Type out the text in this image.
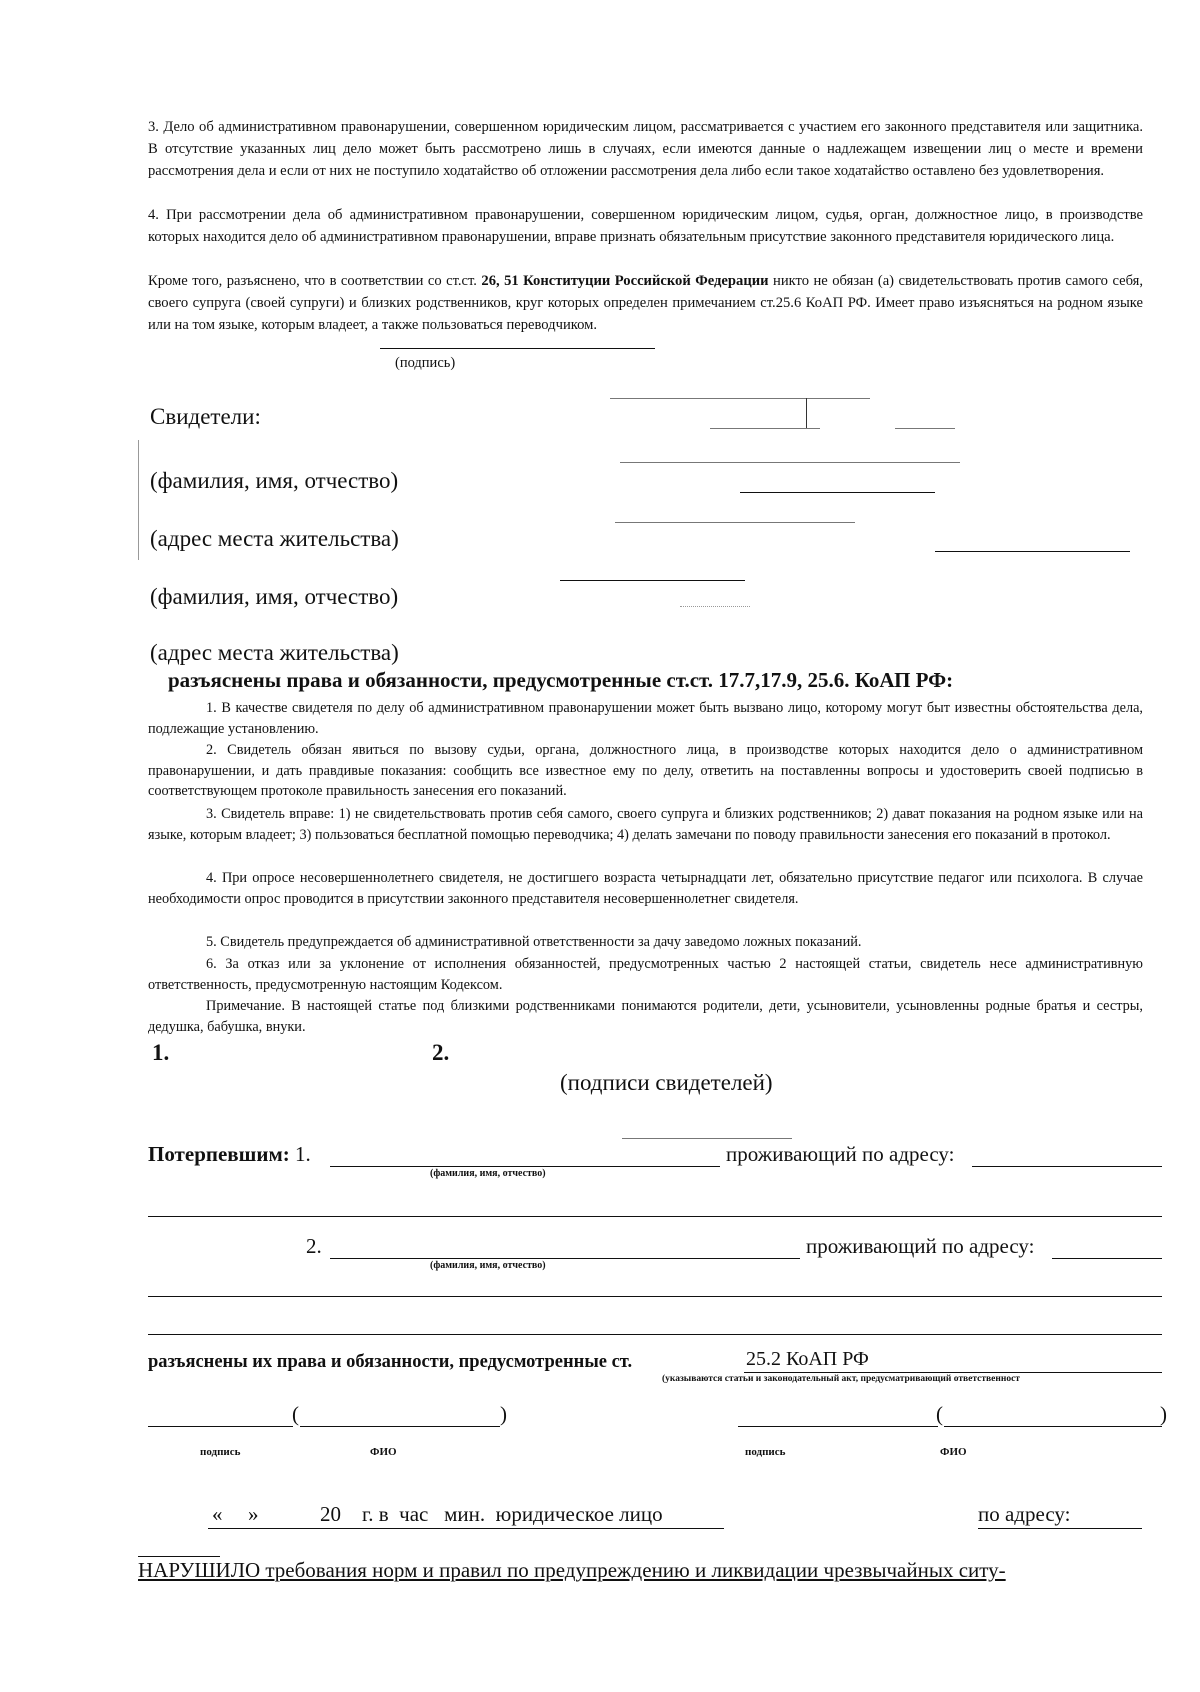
3. Дело об административном правонарушении, совершенном юридическим лицом, рассматривается с участием его законного представителя или защитника. В отсутствие указанных лиц дело может быть рассмотрено лишь в случаях, если имеются данные о надлежащем извещении лиц о месте и времени рассмотрения дела и если от них не поступило ходатайство об отложении рассмотрения дела либо если такое ходатайство оставлено без удовлетворения.
4. При рассмотрении дела об административном правонарушении, совершенном юридическим лицом, судья, орган, должностное лицо, в производстве которых находится дело об административном правонарушении, вправе признать обязательным присутствие законного представителя юридического лица.
Кроме того, разъяснено, что в соответствии со ст.ст. 26, 51 Конституции Российской Федерации никто не обязан (а) свидетельствовать против самого себя, своего супруга (своей супруги) и близких родственников, круг которых определен примечанием ст.25.6 КоАП РФ. Имеет право изъясняться на родном языке или на том языке, которым владеет, а также пользоваться переводчиком.
(подпись)
Свидетели:
(фамилия, имя, отчество)
(адрес места жительства)
(фамилия, имя, отчество)
(адрес места жительства)
разъяснены права и обязанности, предусмотренные ст.ст. 17.7,17.9, 25.6. КоАП РФ:
1. В качестве свидетеля по делу об административном правонарушении может быть вызвано лицо, которому могут быт известны обстоятельства дела, подлежащие установлению.
2. Свидетель обязан явиться по вызову судьи, органа, должностного лица, в производстве которых находится дело о административном правонарушении, и дать правдивые показания: сообщить все известное ему по делу, ответить на поставленны вопросы и удостоверить своей подписью в соответствующем протоколе правильность занесения его показаний.
3. Свидетель вправе: 1) не свидетельствовать против себя самого, своего супруга и близких родственников; 2) дават показания на родном языке или на языке, которым владеет; 3) пользоваться бесплатной помощью переводчика; 4) делать замечани по поводу правильности занесения его показаний в протокол.
4. При опросе несовершеннолетнего свидетеля, не достигшего возраста четырнадцати лет, обязательно присутствие педагог или психолога. В случае необходимости опрос проводится в присутствии законного представителя несовершеннолетнег свидетеля.
5. Свидетель предупреждается об административной ответственности за дачу заведомо ложных показаний.
6. За отказ или за уклонение от исполнения обязанностей, предусмотренных частью 2 настоящей статьи, свидетель несе административную ответственность, предусмотренную настоящим Кодексом.
Примечание. В настоящей статье под близкими родственниками понимаются родители, дети, усыновители, усыновленны родные братья и сестры, дедушка, бабушка, внуки.
1.	2.
(подписи свидетелей)
Потерпевшим: 1.
(фамилия, имя, отчество)
проживающий по адресу:
2.
(фамилия, имя, отчество)
проживающий по адресу:
разъяснены их права и обязанности, предусмотренные ст.	25.2 КоАП РФ
(указываются статьи и законодательный акт, предусматривающий ответственност
(	)	(	)
подпись	ФИО	подпись	ФИО
« »	20 г. в  час   мин.  юридическое лицо	по адресу:
НАРУШИЛО требования норм и правил по предупреждению и ликвидации чрезвычайных ситу-
